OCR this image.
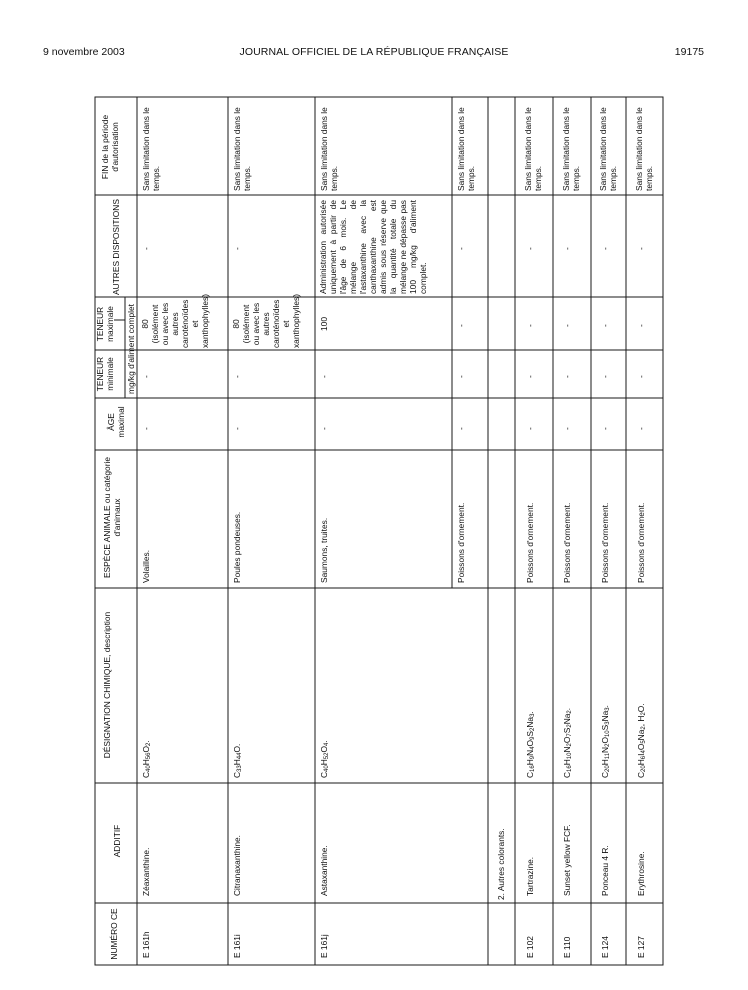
9 novembre 2003	JOURNAL OFFICIEL DE LA RÉPUBLIQUE FRANÇAISE	19175
NUMÉRO CE
ADDITIF
DÉSIGNATION CHIMIQUE, description
ESPÈCE ANIMALE ou catégorie d'animaux
ÂGE maximal
TENEUR minimale
TENEUR maximale mg/kg d'aliment complet
AUTRES DISPOSITIONS
FIN de la période d'autorisation
E 161h
Zéaxanthine.
C40H56O2.
Volailles.
-
-
80 (isolément ou avec les autres caroténoïdes et xanthophylles)
-
Sans limitation dans le temps.
E 161i
Citranaxanthine.
C33H44O.
Poules pondeuses.
-
-
80 (isolément ou avec les autres caroténoïdes et xanthophylles)
-
Sans limitation dans le temps.
E 161j
Astaxanthine.
C40H52O4.
Saumons, truites.
-
-
100
Administration autorisée uniquement à partir de l'âge de 6 mois. Le mélange de l'astaxanthine avec la canthaxanthine est admis sous réserve que la quantité totale du mélange ne dépasse pas 100 mg/kg d'aliment complet.
Sans limitation dans le temps.
Poissons d'ornement.
-
-
-
-
Sans limitation dans le temps.
2. Autres colorants.
E 102
Tartrazine.
C16H9N4O9S2Na3.
Poissons d'ornement.
-
-
-
-
Sans limitation dans le temps.
E 110
Sunset yellow FCF.
C16H10N2O7S2Na2.
Poissons d'ornement.
-
-
-
-
Sans limitation dans le temps.
E 124
Ponceau 4 R.
C20H11N2O10S3Na3.
Poissons d'ornement.
-
-
-
-
Sans limitation dans le temps.
E 127
Erythrosine.
C20H6I4O5Na2, H2O.
Poissons d'ornement.
-
-
-
-
Sans limitation dans le temps.
